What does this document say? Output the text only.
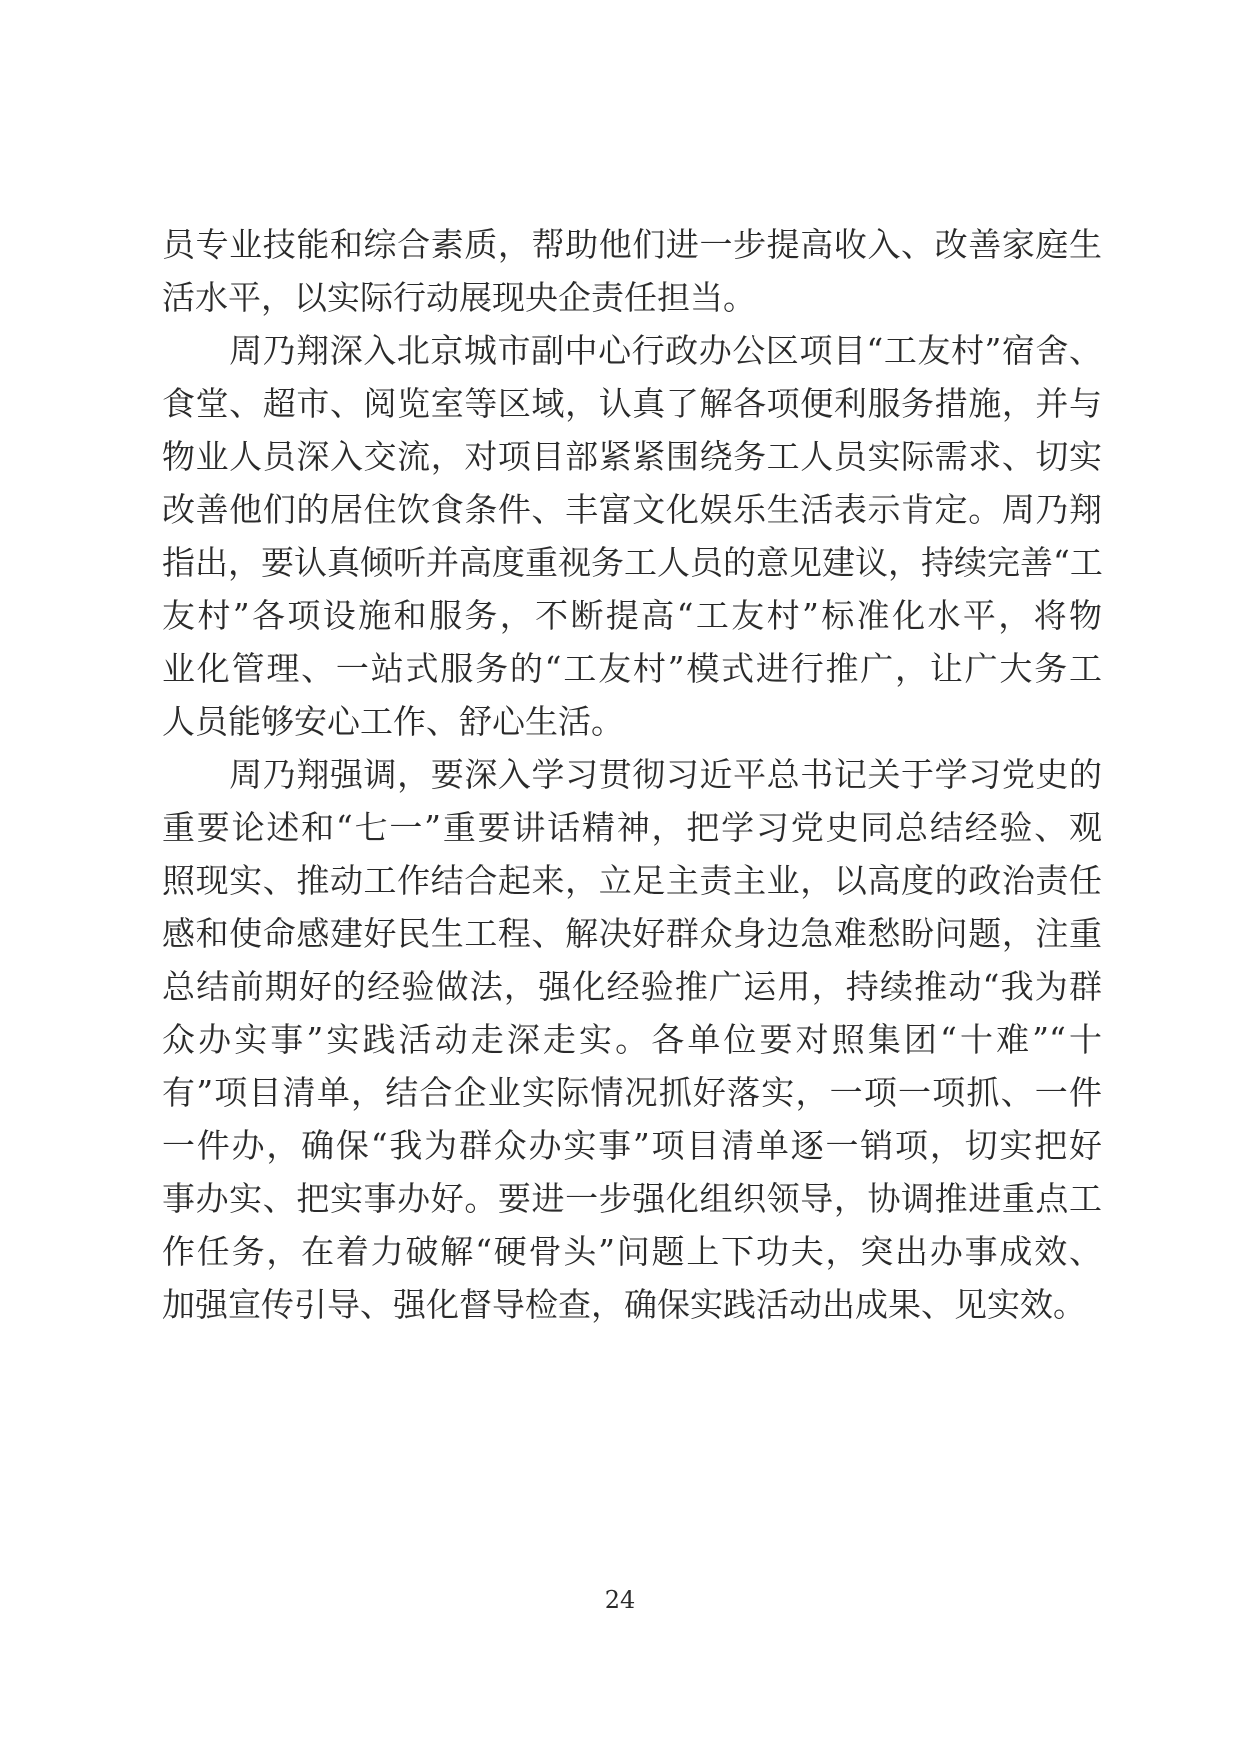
员专业技能和综合素质，帮助他们进一步提高收入、改善家庭生
活水平，以实际行动展现央企责任担当。
　　周乃翔深入北京城市副中心行政办公区项目“工友村”宿舍、
食堂、超市、阅览室等区域，认真了解各项便利服务措施，并与
物业人员深入交流，对项目部紧紧围绕务工人员实际需求、切实
改善他们的居住饮食条件、丰富文化娱乐生活表示肯定。周乃翔
指出，要认真倾听并高度重视务工人员的意见建议，持续完善“工
友村”各项设施和服务，不断提高“工友村”标准化水平，将物
业化管理、一站式服务的“工友村”模式进行推广，让广大务工
人员能够安心工作、舒心生活。
　　周乃翔强调，要深入学习贯彻习近平总书记关于学习党史的
重要论述和“七一”重要讲话精神，把学习党史同总结经验、观
照现实、推动工作结合起来，立足主责主业，以高度的政治责任
感和使命感建好民生工程、解决好群众身边急难愁盼问题，注重
总结前期好的经验做法，强化经验推广运用，持续推动“我为群
众办实事”实践活动走深走实。各单位要对照集团“十难”“十
有”项目清单，结合企业实际情况抓好落实，一项一项抓、一件
一件办，确保“我为群众办实事”项目清单逐一销项，切实把好
事办实、把实事办好。要进一步强化组织领导，协调推进重点工
作任务，在着力破解“硬骨头”问题上下功夫，突出办事成效、
加强宣传引导、强化督导检查，确保实践活动出成果、见实效。
24
